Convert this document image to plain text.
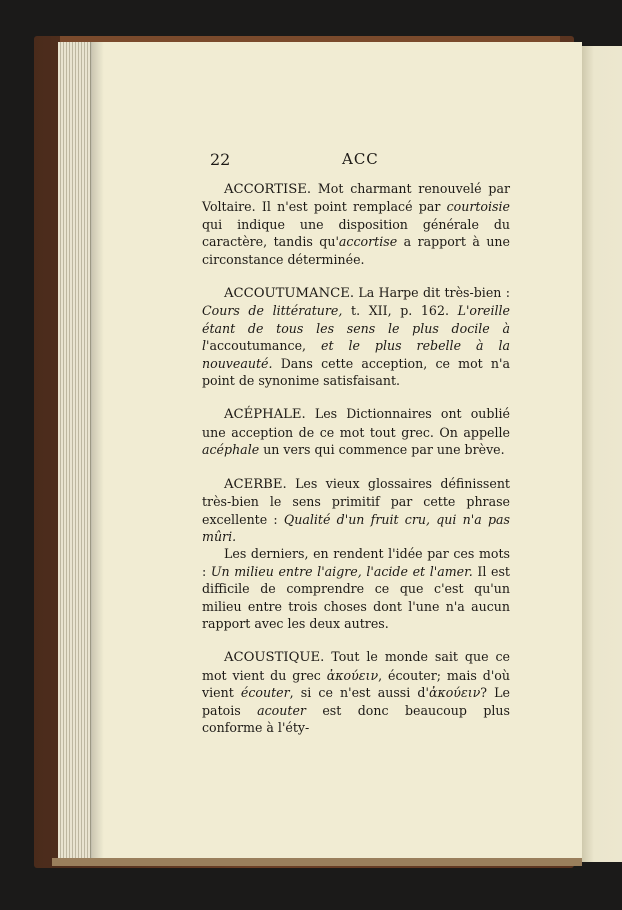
22	ACC

ACCORTISE. Mot charmant renouvelé par Voltaire. Il n'est point remplacé par courtoisie qui indique une disposition générale du caractère, tandis qu'accortise a rapport à une circonstance déterminée.

ACCOUTUMANCE. La Harpe dit très-bien : Cours de littérature, t. XII, p. 162. L'oreille étant de tous les sens le plus docile à l'accoutumance, et le plus rebelle à la nouveauté. Dans cette acception, ce mot n'a point de synonime satisfaisant.

ACÉPHALE. Les Dictionnaires ont oublié une acception de ce mot tout grec. On appelle acéphale un vers qui commence par une brève.

ACERBE. Les vieux glossaires définissent très-bien le sens primitif par cette phrase excellente : Qualité d'un fruit cru, qui n'a pas mûri.

Les derniers, en rendent l'idée par ces mots : Un milieu entre l'aigre, l'acide et l'amer. Il est difficile de comprendre ce que c'est qu'un milieu entre trois choses dont l'une n'a aucun rapport avec les deux autres.

ACOUSTIQUE. Tout le monde sait que ce mot vient du grec ἀκούειν, écouter; mais d'où vient écouter, si ce n'est aussi d'ἀκούειν? Le patois acouter est donc beaucoup plus conforme à l'éty-
